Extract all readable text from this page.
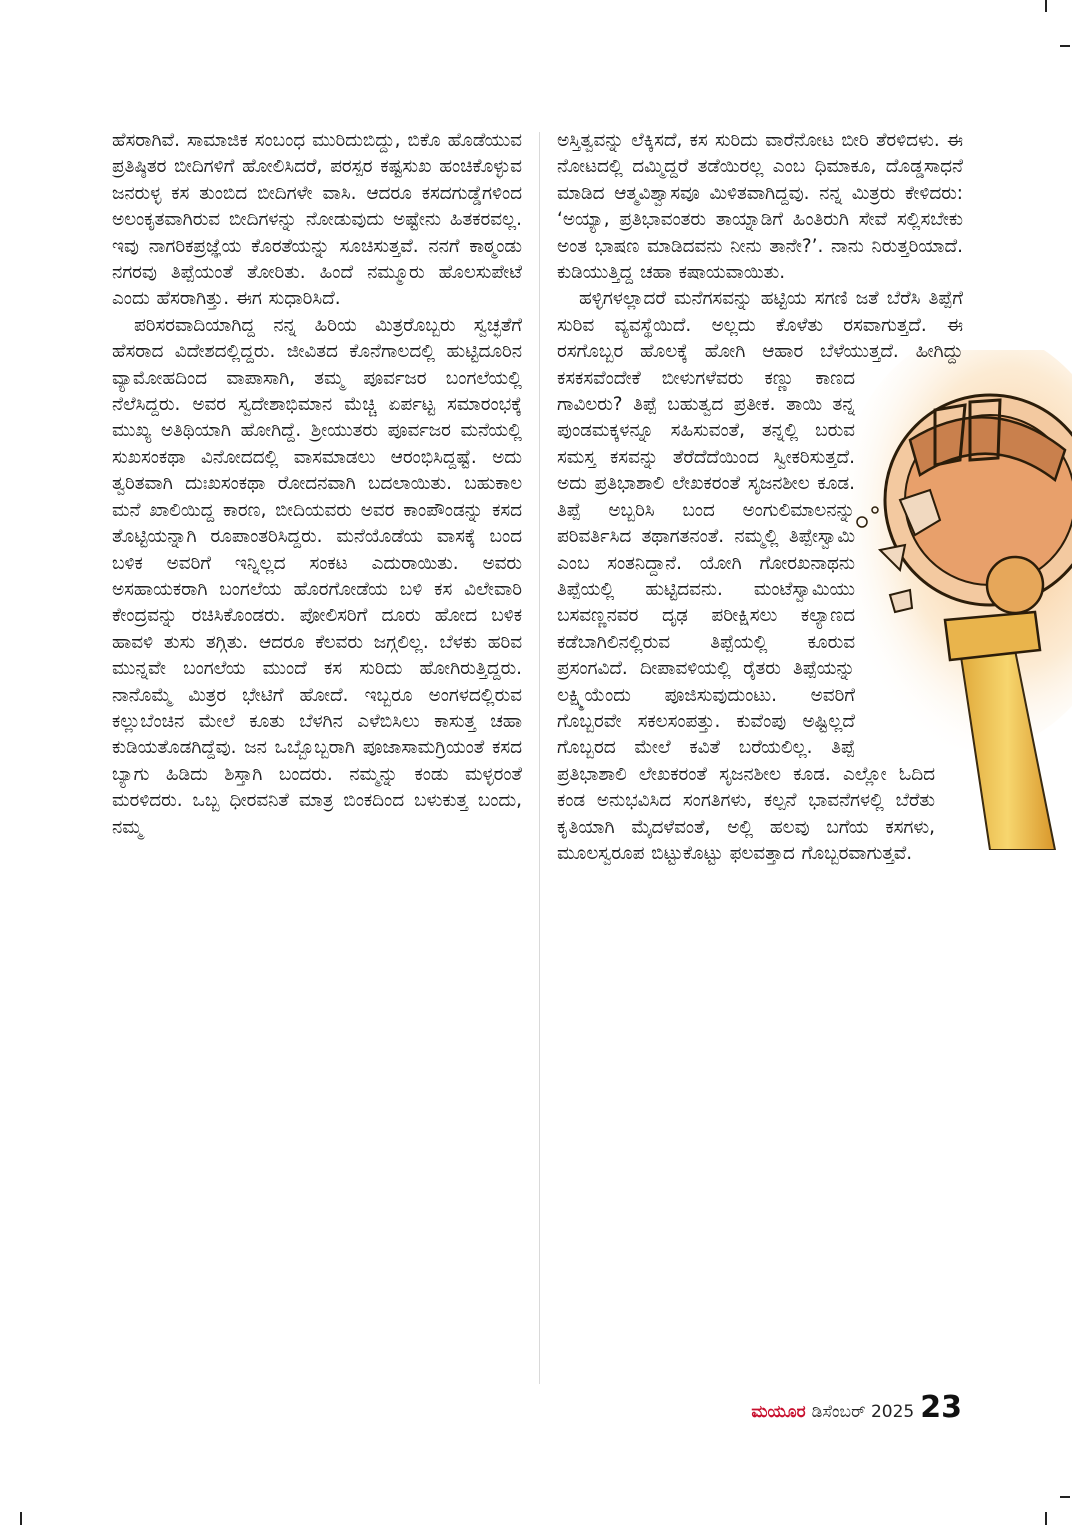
ಹೆಸರಾಗಿವೆ. ಸಾಮಾಜಿಕ ಸಂಬಂಧ ಮುರಿದುಬಿದ್ದು, ಬಿಕೊ ಹೊಡೆಯುವ ಪ್ರತಿಷ್ಠಿತರ ಬೀದಿಗಳಿಗೆ ಹೋಲಿಸಿದರೆ, ಪರಸ್ಪರ ಕಷ್ಟಸುಖ ಹಂಚಿಕೊಳ್ಳುವ ಜನರುಳ್ಳ ಕಸ ತುಂಬಿದ ಬೀದಿಗಳೇ ವಾಸಿ. ಆದರೂ ಕಸದಗುಡ್ಡೆಗಳಿಂದ ಅಲಂಕೃತವಾಗಿರುವ ಬೀದಿಗಳನ್ನು ನೋಡುವುದು ಅಷ್ಟೇನು ಹಿತಕರವಲ್ಲ. ಇವು ನಾಗರಿಕಪ್ರಜ್ಞೆಯ ಕೊರತೆಯನ್ನು ಸೂಚಿಸುತ್ತವೆ. ನನಗೆ ಕಾಠ್ಮಂಡು ನಗರವು ತಿಪ್ಪೆಯಂತೆ ತೋರಿತು. ಹಿಂದೆ ನಮ್ಮೂರು ಹೊಲಸುಪೇಟೆ ಎಂದು ಹೆಸರಾಗಿತ್ತು. ಈಗ ಸುಧಾರಿಸಿದೆ.

ಪರಿಸರವಾದಿಯಾಗಿದ್ದ ನನ್ನ ಹಿರಿಯ ಮಿತ್ರರೊಬ್ಬರು ಸ್ವಚ್ಛತೆಗೆ ಹೆಸರಾದ ವಿದೇಶದಲ್ಲಿದ್ದರು. ಜೀವಿತದ ಕೊನೆಗಾಲದಲ್ಲಿ ಹುಟ್ಟಿದೂರಿನ ವ್ಯಾಮೋಹದಿಂದ ವಾಪಾಸಾಗಿ, ತಮ್ಮ ಪೂರ್ವಜರ ಬಂಗಲೆಯಲ್ಲಿ ನೆಲೆಸಿದ್ದರು. ಅವರ ಸ್ವದೇಶಾಭಿಮಾನ ಮೆಚ್ಚಿ ಏರ್ಪಟ್ಟ ಸಮಾರಂಭಕ್ಕೆ ಮುಖ್ಯ ಅತಿಥಿಯಾಗಿ ಹೋಗಿದ್ದೆ. ಶ್ರೀಯುತರು ಪೂರ್ವಜರ ಮನೆಯಲ್ಲಿ ಸುಖಸಂಕಥಾ ವಿನೋದದಲ್ಲಿ ವಾಸಮಾಡಲು ಆರಂಭಿಸಿದ್ದಷ್ಟೆ. ಅದು ತ್ವರಿತವಾಗಿ ದುಃಖಸಂಕಥಾ ರೋದನವಾಗಿ ಬದಲಾಯಿತು. ಬಹುಕಾಲ ಮನೆ ಖಾಲಿಯಿದ್ದ ಕಾರಣ, ಬೀದಿಯವರು ಅವರ ಕಾಂಪೌಂಡನ್ನು ಕಸದ ತೊಟ್ಟಿಯನ್ನಾಗಿ ರೂಪಾಂತರಿಸಿದ್ದರು. ಮನೆಯೊಡೆಯ ವಾಸಕ್ಕೆ ಬಂದ ಬಳಿಕ ಅವರಿಗೆ ಇನ್ನಿಲ್ಲದ ಸಂಕಟ ಎದುರಾಯಿತು. ಅವರು ಅಸಹಾಯಕರಾಗಿ ಬಂಗಲೆಯ ಹೊರಗೋಡೆಯ ಬಳಿ ಕಸ ವಿಲೇವಾರಿ ಕೇಂದ್ರವನ್ನು ರಚಿಸಿಕೊಂಡರು. ಪೋಲಿಸರಿಗೆ ದೂರು ಹೋದ ಬಳಿಕ ಹಾವಳಿ ತುಸು ತಗ್ಗಿತು. ಆದರೂ ಕೆಲವರು ಜಗ್ಗಲಿಲ್ಲ. ಬೆಳಕು ಹರಿವ ಮುನ್ನವೇ ಬಂಗಲೆಯ ಮುಂದೆ ಕಸ ಸುರಿದು ಹೋಗಿರುತ್ತಿದ್ದರು. ನಾನೊಮ್ಮೆ ಮಿತ್ರರ ಭೇಟಿಗೆ ಹೋದೆ. ಇಬ್ಬರೂ ಅಂಗಳದಲ್ಲಿರುವ ಕಲ್ಲುಬೆಂಚಿನ ಮೇಲೆ ಕೂತು ಬೆಳಗಿನ ಎಳೆಬಿಸಿಲು ಕಾಸುತ್ತ ಚಹಾ ಕುಡಿಯತೊಡಗಿದ್ದೆವು. ಜನ ಒಬ್ಬೊಬ್ಬರಾಗಿ ಪೂಜಾಸಾಮಗ್ರಿಯಂತೆ ಕಸದ ಬ್ಯಾಗು ಹಿಡಿದು ಶಿಸ್ತಾಗಿ ಬಂದರು. ನಮ್ಮನ್ನು ಕಂಡು ಮಳ್ಳರಂತೆ ಮರಳಿದರು. ಒಬ್ಬ ಧೀರವನಿತೆ ಮಾತ್ರ ಬಿಂಕದಿಂದ ಬಳುಕುತ್ತ ಬಂದು, ನಮ್ಮ

ಅಸ್ತಿತ್ವವನ್ನು ಲೆಕ್ಕಿಸದೆ, ಕಸ ಸುರಿದು ವಾರೆನೋಟ ಬೀರಿ ತೆರಳಿದಳು. ಈ ನೋಟದಲ್ಲಿ ದಮ್ಮಿದ್ದರೆ ತಡೆಯಿರಲ್ಲ ಎಂಬ ಧಿಮಾಕೂ, ದೊಡ್ಡಸಾಧನೆ ಮಾಡಿದ ಆತ್ಮವಿಶ್ವಾಸವೂ ಮಿಳಿತವಾಗಿದ್ದವು. ನನ್ನ ಮಿತ್ರರು ಕೇಳಿದರು: ‘ಅಯ್ಯಾ, ಪ್ರತಿಭಾವಂತರು ತಾಯ್ನಾಡಿಗೆ ಹಿಂತಿರುಗಿ ಸೇವೆ ಸಲ್ಲಿಸಬೇಕು ಅಂತ ಭಾಷಣ ಮಾಡಿದವನು ನೀನು ತಾನೇ?’. ನಾನು ನಿರುತ್ತರಿಯಾದೆ. ಕುಡಿಯುತ್ತಿದ್ದ ಚಹಾ ಕಷಾಯವಾಯಿತು.

ಹಳ್ಳಿಗಳಲ್ಲಾದರೆ ಮನೆಗಸವನ್ನು ಹಟ್ಟಿಯ ಸಗಣಿ ಜತೆ ಬೆರೆಸಿ ತಿಪ್ಪೆಗೆ ಸುರಿವ ವ್ಯವಸ್ಥೆಯಿದೆ. ಅಲ್ಲದು ಕೊಳೆತು ರಸವಾಗುತ್ತದೆ. ಈ ರಸಗೊಬ್ಬರ ಹೊಲಕ್ಕೆ ಹೋಗಿ ಆಹಾರ ಬೆಳೆಯುತ್ತದೆ. ಹೀಗಿದ್ದು ಕಸಕಸವೆಂದೇಕೆ ಬೀಳುಗಳೆವರು ಕಣ್ಣು ಕಾಣದ ಗಾವಿಲರು? ತಿಪ್ಪೆ ಬಹುತ್ವದ ಪ್ರತೀಕ. ತಾಯಿ ತನ್ನ ಪುಂಡಮಕ್ಕಳನ್ನೂ ಸಹಿಸುವಂತೆ, ತನ್ನಲ್ಲಿ ಬರುವ ಸಮಸ್ತ ಕಸವನ್ನು ತೆರೆದೆದೆಯಿಂದ ಸ್ವೀಕರಿಸುತ್ತದೆ. ಅದು ಪ್ರತಿಭಾಶಾಲಿ ಲೇಖಕರಂತೆ ಸೃಜನಶೀಲ ಕೂಡ. ತಿಪ್ಪೆ ಅಬ್ಬರಿಸಿ ಬಂದ ಅಂಗುಲಿಮಾಲನನ್ನು ಪರಿವರ್ತಿಸಿದ ತಥಾಗತನಂತೆ. ನಮ್ಮಲ್ಲಿ ತಿಪ್ಪೇಸ್ವಾಮಿ ಎಂಬ ಸಂತನಿದ್ದಾನೆ. ಯೋಗಿ ಗೋರಖನಾಥನು ತಿಪ್ಪೆಯಲ್ಲಿ ಹುಟ್ಟಿದವನು. ಮಂಟೆಸ್ವಾಮಿಯು ಬಸವಣ್ಣನವರ ದೃಢ ಪರೀಕ್ಷಿಸಲು ಕಲ್ಯಾಣದ ಕಡೆಬಾಗಿಲಿನಲ್ಲಿರುವ ತಿಪ್ಪೆಯಲ್ಲಿ ಕೂರುವ ಪ್ರಸಂಗವಿದೆ. ದೀಪಾವಳಿಯಲ್ಲಿ ರೈತರು ತಿಪ್ಪೆಯನ್ನು ಲಕ್ಷ್ಮಿಯೆಂದು ಪೂಜಿಸುವುದುಂಟು. ಅವರಿಗೆ ಗೊಬ್ಬರವೇ ಸಕಲಸಂಪತ್ತು. ಕುವೆಂಪು ಅಷ್ಟಿಲ್ಲದೆ ಗೊಬ್ಬರದ ಮೇಲೆ ಕವಿತೆ ಬರೆಯಲಿಲ್ಲ. ತಿಪ್ಪೆ ಪ್ರತಿಭಾಶಾಲಿ ಲೇಖಕರಂತೆ ಸೃಜನಶೀಲ ಕೂಡ. ಎಲ್ಲೋ ಓದಿದ ಕಂಡ ಅನುಭವಿಸಿದ ಸಂಗತಿಗಳು, ಕಲ್ಪನೆ ಭಾವನೆಗಳಲ್ಲಿ ಬೆರೆತು ಕೃತಿಯಾಗಿ ಮೈದಳೆವಂತೆ, ಅಲ್ಲಿ ಹಲವು ಬಗೆಯ ಕಸಗಳು, ಮೂಲಸ್ವರೂಪ ಬಿಟ್ಟುಕೊಟ್ಟು ಫಲವತ್ತಾದ ಗೊಬ್ಬರವಾಗುತ್ತವೆ.

ಮಯೂರ ಡಿಸೆಂಬರ್ 2025 23
